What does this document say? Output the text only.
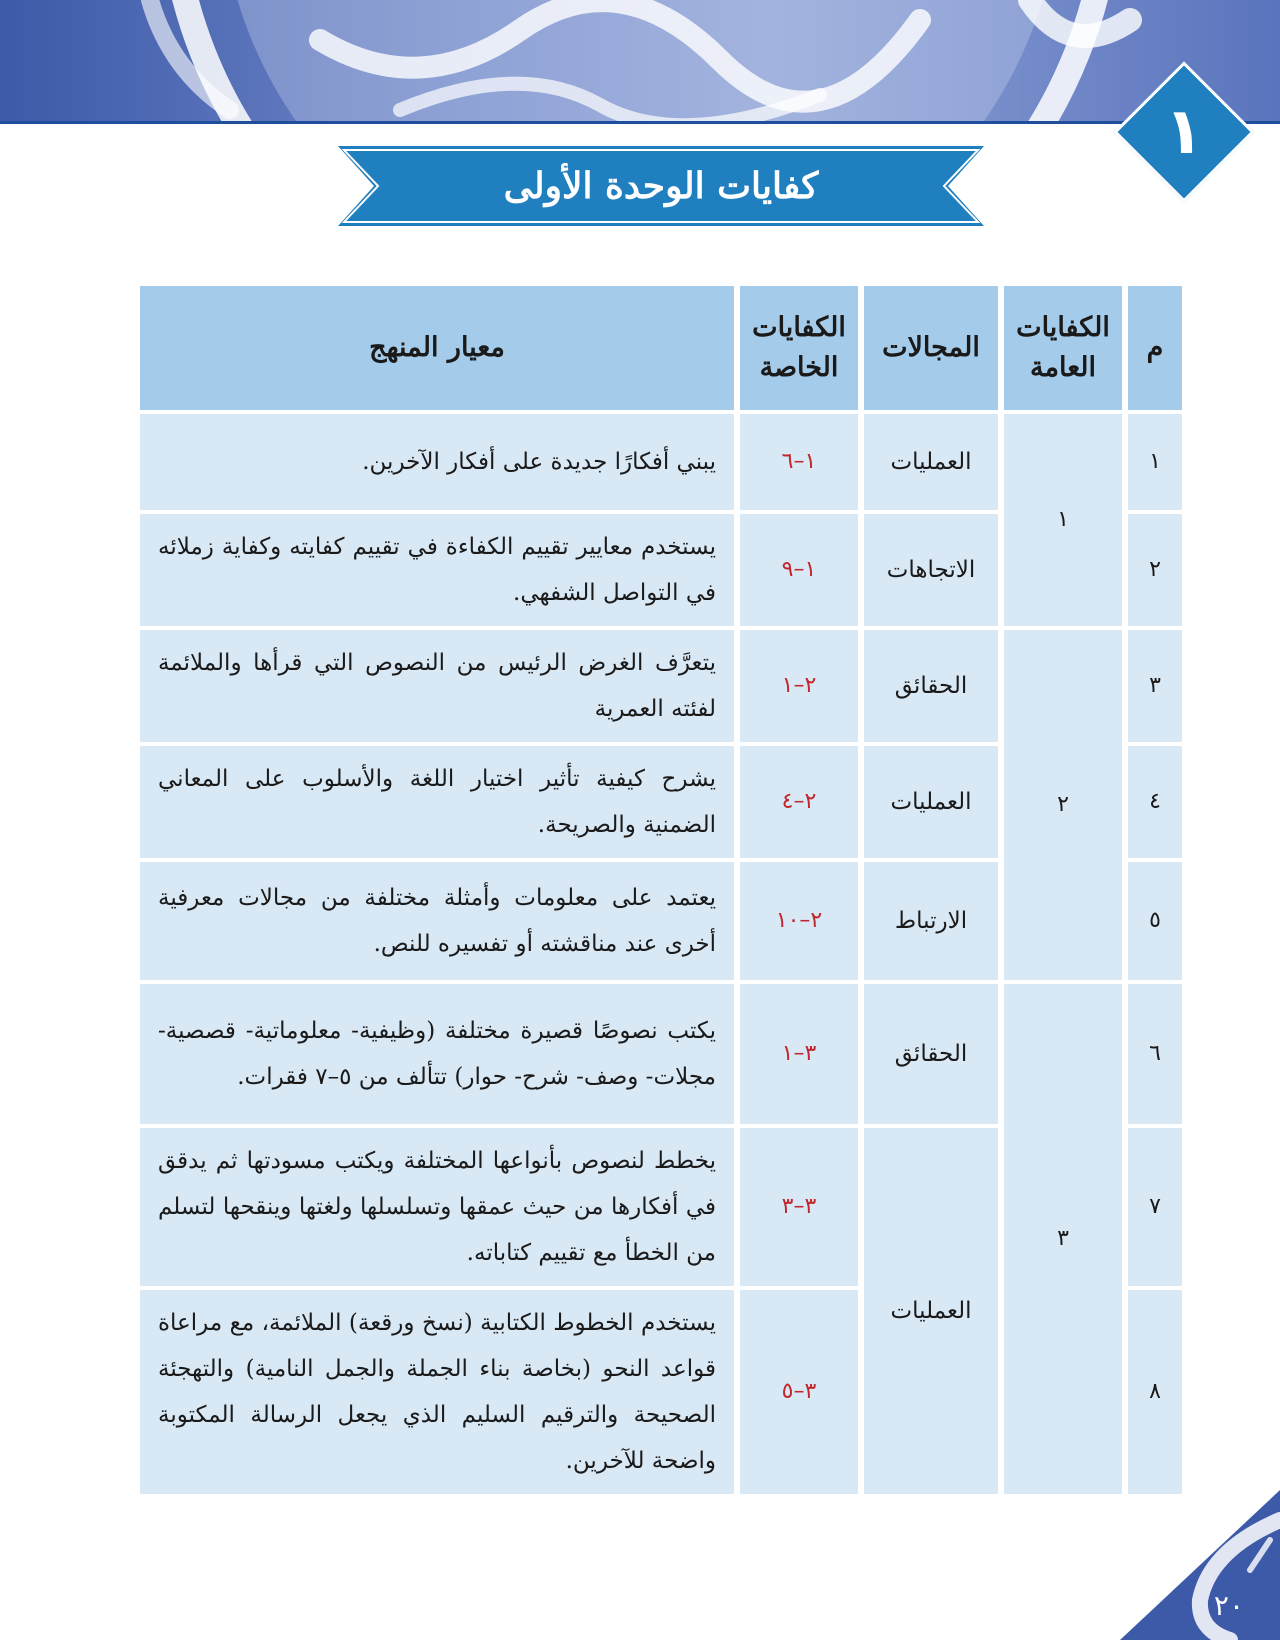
١
كفايات الوحدة الأولى
م	الكفايات العامة	المجالات	الكفايات الخاصة	معيار المنهج
١	١	العمليات	١–٦	يبني أفكارًا جديدة على أفكار الآخرين.
٢		الاتجاهات	١–٩	يستخدم معايير تقييم الكفاءة في تقييم كفايته وكفاية زملائه في التواصل الشفهي.
٣	٢	الحقائق	٢–١	يتعرَّف الغرض الرئيس من النصوص التي قرأها والملائمة لفئته العمرية
٤		العمليات	٢–٤	يشرح كيفية تأثير اختيار اللغة والأسلوب على المعاني الضمنية والصريحة.
٥		الارتباط	٢–١٠	يعتمد على معلومات وأمثلة مختلفة من مجالات معرفية أخرى عند مناقشته أو تفسيره للنص.
٦	٣	الحقائق	٣–١	يكتب نصوصًا قصيرة مختلفة (وظيفية- معلوماتية- قصصية- مجلات- وصف- شرح- حوار) تتألف من ٥–٧ فقرات.
٧		العمليات	٣–٣	يخطط لنصوص بأنواعها المختلفة ويكتب مسودتها ثم يدقق في أفكارها من حيث عمقها وتسلسلها ولغتها وينقحها لتسلم من الخطأ مع تقييم كتاباته.
٨			٣–٥	يستخدم الخطوط الكتابية (نسخ ورقعة) الملائمة، مع مراعاة قواعد النحو (بخاصة بناء الجملة والجمل النامية) والتهجئة الصحيحة والترقيم السليم الذي يجعل الرسالة المكتوبة واضحة للآخرين.
٢٠
